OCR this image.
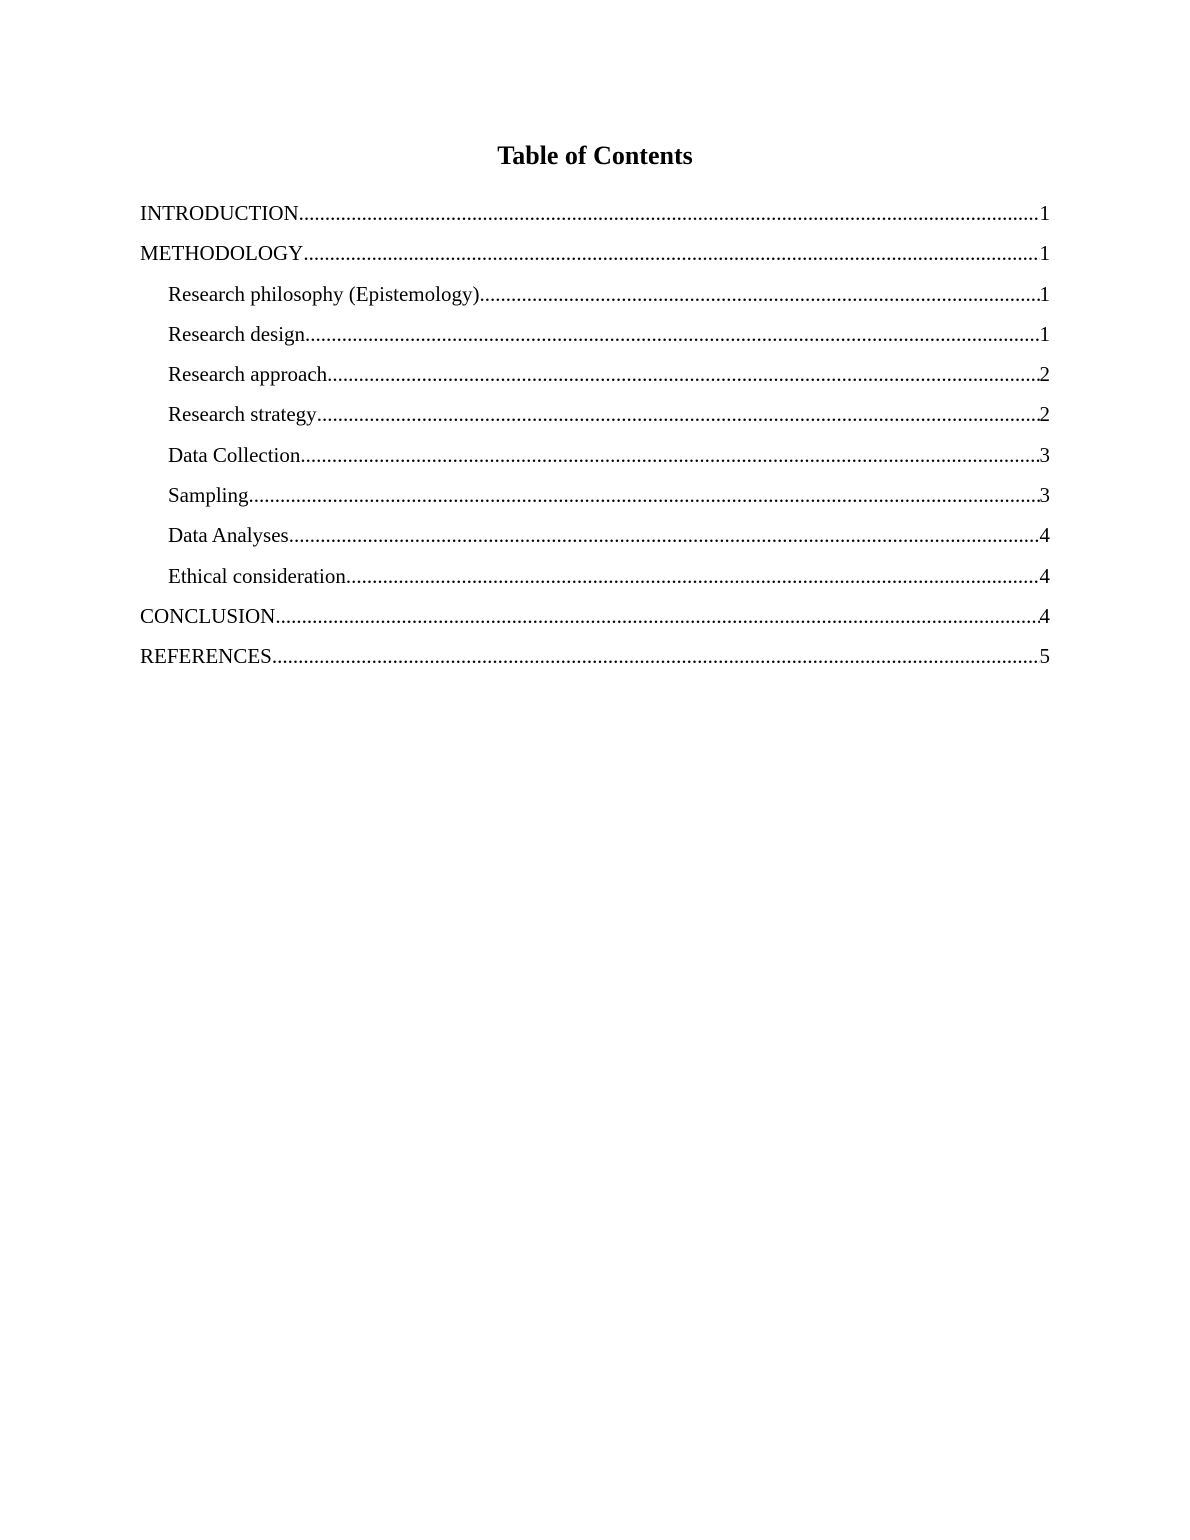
Table of Contents
INTRODUCTION .....	1
METHODOLOGY .....	1
Research philosophy (Epistemology) .....	1
Research design .....	1
Research approach .....	2
Research strategy .....	2
Data Collection .....	3
Sampling .....	3
Data Analyses .....	4
Ethical consideration .....	4
CONCLUSION .....	4
REFERENCES .....	5
